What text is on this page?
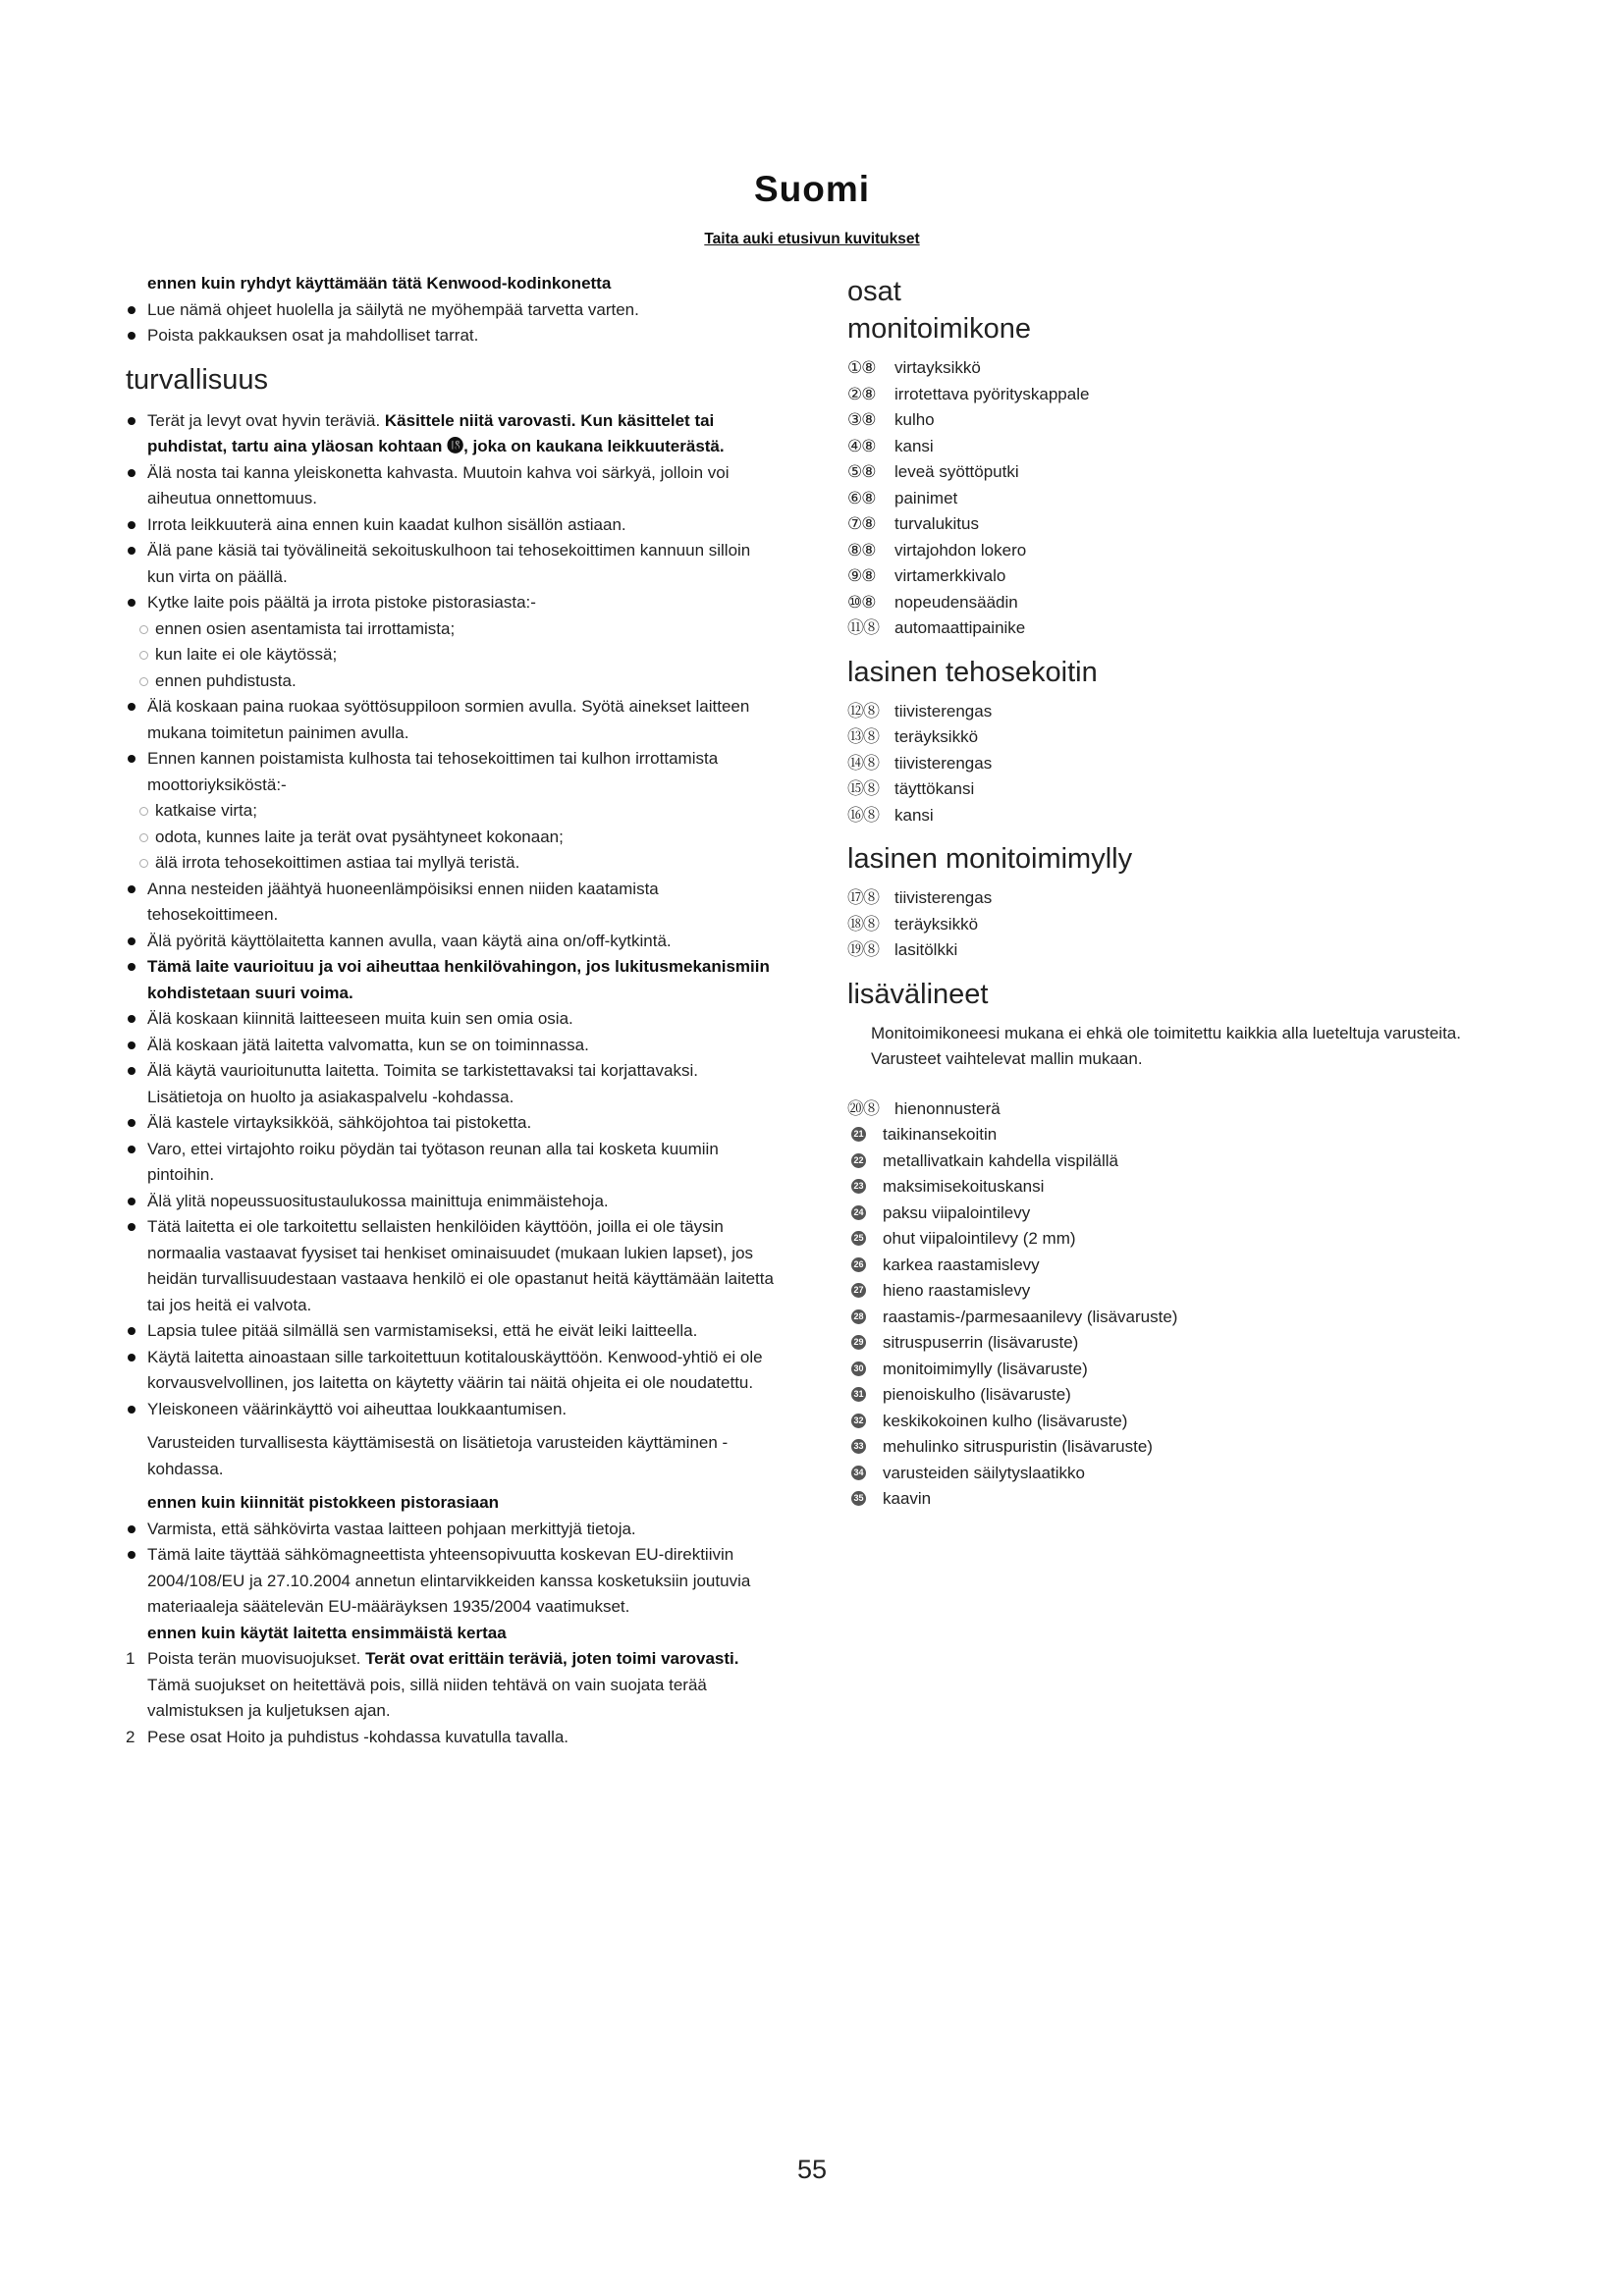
Suomi
Taita auki etusivun kuvitukset
ennen kuin ryhdyt käyttämään tätä Kenwood-kodinkonetta
Lue nämä ohjeet huolella ja säilytä ne myöhempää tarvetta varten.
Poista pakkauksen osat ja mahdolliset tarrat.
turvallisuus
Terät ja levyt ovat hyvin teräviä. Käsittele niitä varovasti. Kun käsittelet tai puhdistat, tartu aina yläosan kohtaan ⓲, joka on kaukana leikkuuterästä.
Älä nosta tai kanna yleiskonetta kahvasta. Muutoin kahva voi särkyä, jolloin voi aiheutua onnettomuus.
Irrota leikkuuterä aina ennen kuin kaadat kulhon sisällön astiaan.
Älä pane käsiä tai työvälineitä sekoituskulhoon tai tehosekoittimen kannuun silloin kun virta on päällä.
Kytke laite pois päältä ja irrota pistoke pistorasiasta:-
ennen osien asentamista tai irrottamista;
kun laite ei ole käytössä;
ennen puhdistusta.
Älä koskaan paina ruokaa syöttösuppiloon sormien avulla. Syötä ainekset laitteen mukana toimitetun painimen avulla.
Ennen kannen poistamista kulhosta tai tehosekoittimen tai kulhon irrottamista moottoriyksiköstä:-
katkaise virta;
odota, kunnes laite ja terät ovat pysähtyneet kokonaan;
älä irrota tehosekoittimen astiaa tai myllyä teristä.
Anna nesteiden jäähtyä huoneenlämpöisiksi ennen niiden kaatamista tehosekoittimeen.
Älä pyöritä käyttölaitetta kannen avulla, vaan käytä aina on/off-kytkintä.
Tämä laite vaurioituu ja voi aiheuttaa henkilövahingon, jos lukitusmekanismiin kohdistetaan suuri voima.
Älä koskaan kiinnitä laitteeseen muita kuin sen omia osia.
Älä koskaan jätä laitetta valvomatta, kun se on toiminnassa.
Älä käytä vaurioitunutta laitetta. Toimita se tarkistettavaksi tai korjattavaksi. Lisätietoja on huolto ja asiakaspalvelu -kohdassa.
Älä kastele virtayksikköä, sähköjohtoa tai pistoketta.
Varo, ettei virtajohto roiku pöydän tai työtason reunan alla tai kosketa kuumiin pintoihin.
Älä ylitä nopeussuositustaulukossa mainittuja enimmäistehoja.
Tätä laitetta ei ole tarkoitettu sellaisten henkilöiden käyttöön, joilla ei ole täysin normaalia vastaavat fyysiset tai henkiset ominaisuudet (mukaan lukien lapset), jos heidän turvallisuudestaan vastaava henkilö ei ole opastanut heitä käyttämään laitetta tai jos heitä ei valvota.
Lapsia tulee pitää silmällä sen varmistamiseksi, että he eivät leiki laitteella.
Käytä laitetta ainoastaan sille tarkoitettuun kotitalouskäyttöön. Kenwood-yhtiö ei ole korvausvelvollinen, jos laitetta on käytetty väärin tai näitä ohjeita ei ole noudatettu.
Yleiskoneen väärinkäyttö voi aiheuttaa loukkaantumisen.
Varusteiden turvallisesta käyttämisestä on lisätietoja varusteiden käyttäminen -kohdassa.
ennen kuin kiinnität pistokkeen pistorasiaan
Varmista, että sähkövirta vastaa laitteen pohjaan merkittyjä tietoja.
Tämä laite täyttää sähkömagneettista yhteensopivuutta koskevan EU-direktiivin 2004/108/EU ja 27.10.2004 annetun elintarvikkeiden kanssa kosketuksiin joutuvia materiaaleja säätelevän EU-määräyksen 1935/2004 vaatimukset.
ennen kuin käytät laitetta ensimmäistä kertaa
1 Poista terän muovisuojukset. Terät ovat erittäin teräviä, joten toimi varovasti. Tämä suojukset on heitettävä pois, sillä niiden tehtävä on vain suojata terää valmistuksen ja kuljetuksen ajan.
2 Pese osat Hoito ja puhdistus -kohdassa kuvatulla tavalla.
osat
monitoimikone
①⑧ virtayksikkö
②⑧ irrotettava pyörityskappale
③⑧ kulho
④⑧ kansi
⑤⑧ leveä syöttöputki
⑥⑧ painimet
⑦⑧ turvalukitus
⑧⑧ virtajohdon lokero
⑨⑧ virtamerkkivalo
⑩⑧ nopeudensäädin
⑪⑧ automaattipainike
lasinen tehosekoitin
⑫⑧ tiivisterengas
⑬⑧ teräyksikkö
⑭⑧ tiivisterengas
⑮⑧ täyttökansi
⑯⑧ kansi
lasinen monitoimimylly
⑰⑧ tiivisterengas
⑱⑧ teräyksikkö
⑲⑧ lasitölkki
lisävälineet
Monitoimikoneesi mukana ei ehkä ole toimitettu kaikkia alla lueteltuja varusteita. Varusteet vaihtelevat mallin mukaan.
⑳⑧ hienonnusterä
21 taikinansekoitin
22 metallivatkain kahdella vispilällä
23 maksimisekoituskansi
24 paksu viipalointilevy
25 ohut viipalointilevy (2 mm)
26 karkea raastamislevy
27 hieno raastamislevy
28 raastamis-/parmesaanilevy (lisävaruste)
29 sitruspuserrin (lisävaruste)
30 monitoimimylly (lisävaruste)
31 pienoiskulho (lisävaruste)
32 keskikokoinen kulho (lisävaruste)
33 mehulinko sitruspuristin (lisävaruste)
34 varusteiden säilytyslaatikko
35 kaavin
55
